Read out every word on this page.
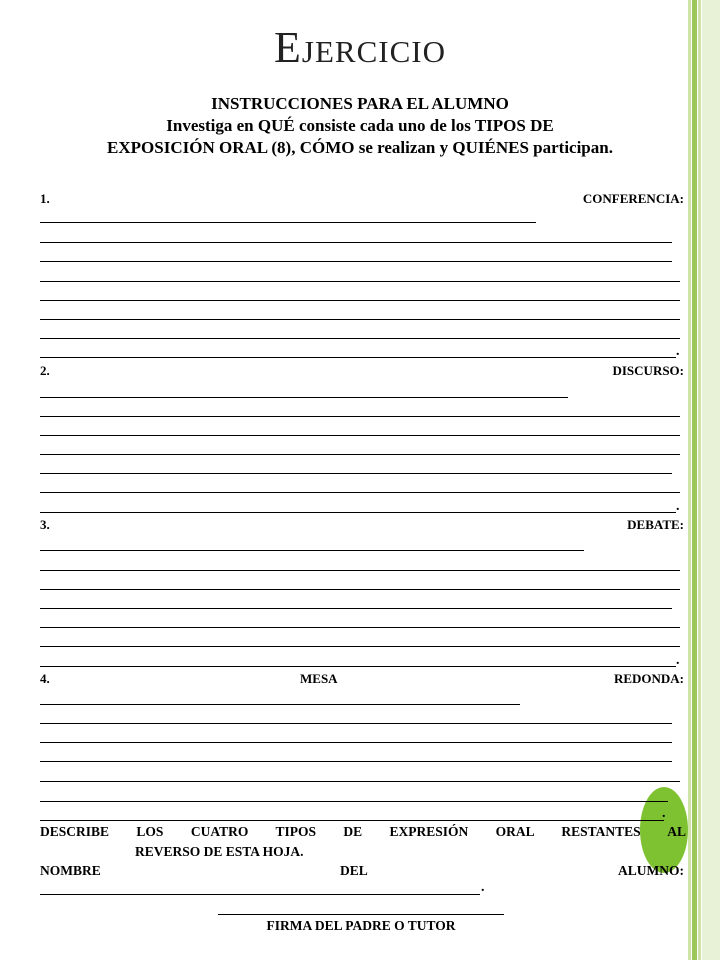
Ejercicio
INSTRUCCIONES PARA EL ALUMNO
Investiga en QUÉ consiste cada uno de los TIPOS DE
EXPOSICIÓN ORAL (8), CÓMO se realizan y QUIÉNES participan.
1.	CONFERENCIA:
.
2.	DISCURSO:
.
3.	DEBATE:
.
4.	MESA	REDONDA:
.
DESCRIBE LOS CUATRO TIPOS DE EXPRESIÓN ORAL RESTANTES AL
REVERSO DE ESTA HOJA.
NOMBRE	DEL	ALUMNO:
.
FIRMA DEL PADRE O TUTOR
